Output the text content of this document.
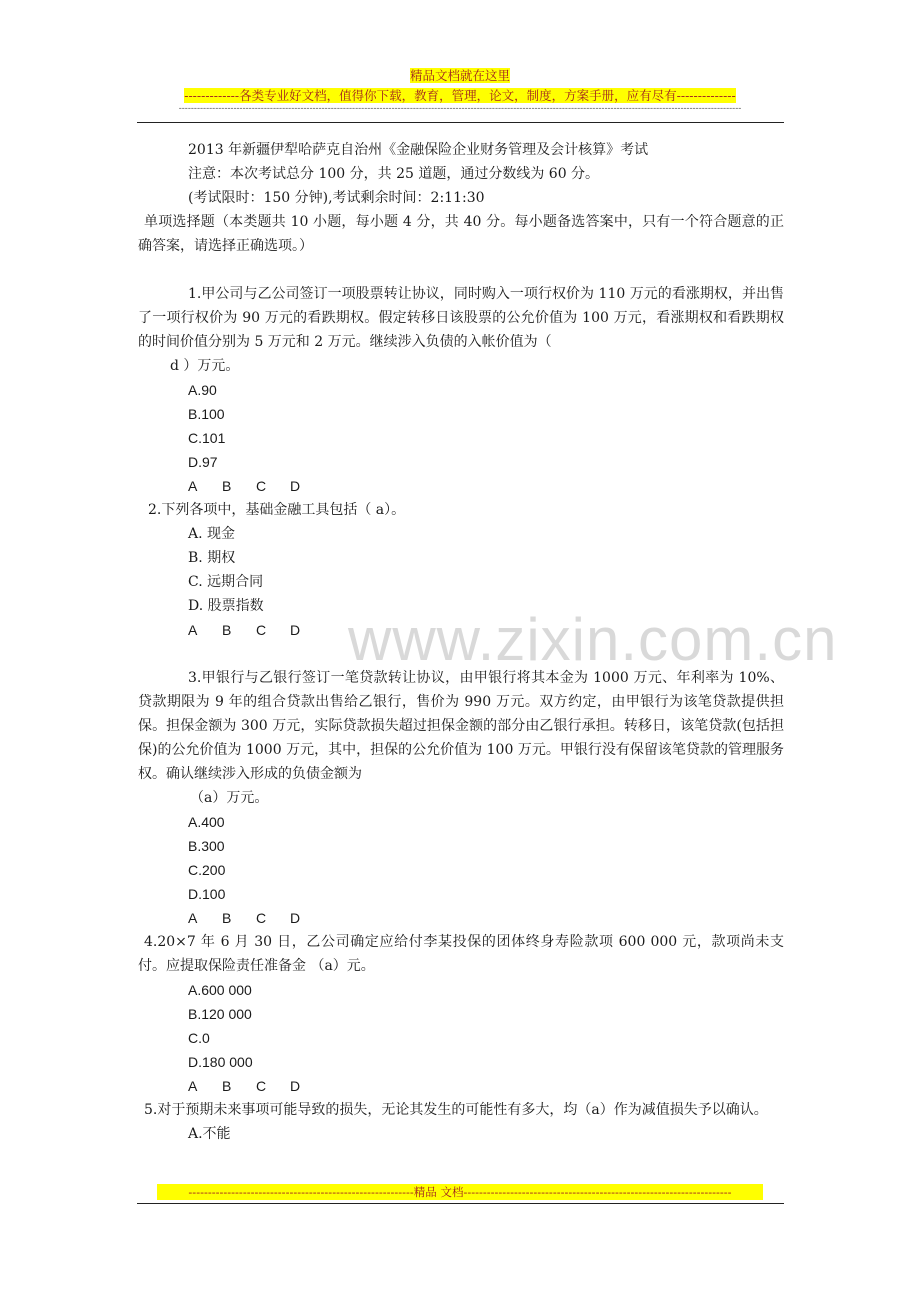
精品文档就在这里
-------------各类专业好文档，值得你下载，教育，管理，论文，制度，方案手册，应有尽有--------------
-----------------------------------------------------------------------------------------------------------------------------------------------------------------------------------------
www.zixin.com.cn
2013 年新疆伊犁哈萨克自治州《金融保险企业财务管理及会计核算》考试
注意：本次考试总分 100 分，共 25 道题，通过分数线为 60 分。
(考试限时：150 分钟),考试剩余时间：2:11:30
单项选择题（本类题共 10 小题，每小题 4 分，共 40 分。每小题备选答案中，只有一个符合题意的正确答案，请选择正确选项。）
1.甲公司与乙公司签订一项股票转让协议，同时购入一项行权价为 110 万元的看涨期权，并出售了一项行权价为 90 万元的看跌期权。假定转移日该股票的公允价值为 100 万元，看涨期权和看跌期权的时间价值分别为 5 万元和 2 万元。继续涉入负债的入帐价值为（
d ）万元。
A.90
B.100
C.101
D.97
A B C D
2.下列各项中，基础金融工具包括（ a）。
A. 现金
B. 期权
C. 远期合同
D. 股票指数
A B C D
3.甲银行与乙银行签订一笔贷款转让协议，由甲银行将其本金为 1000 万元、年利率为 10%、贷款期限为 9 年的组合贷款出售给乙银行，售价为 990 万元。双方约定，由甲银行为该笔贷款提供担保。担保金额为 300 万元，实际贷款损失超过担保金额的部分由乙银行承担。转移日，该笔贷款(包括担保)的公允价值为 1000 万元，其中，担保的公允价值为 100 万元。甲银行没有保留该笔贷款的管理服务权。确认继续涉入形成的负债金额为
（a）万元。
A.400
B.300
C.200
D.100
A B C D
4.20×7 年 6 月 30 日，乙公司确定应给付李某投保的团体终身寿险款项 600 000 元，款项尚未支付。应提取保险责任准备金 （a）元。
A.600 000
B.120 000
C.0
D.180 000
A B C D
5.对于预期未来事项可能导致的损失，无论其发生的可能性有多大，均（a）作为减值损失予以确认。
A.不能
----------------------------------------------------------精品 文档---------------------------------------------------------------------
